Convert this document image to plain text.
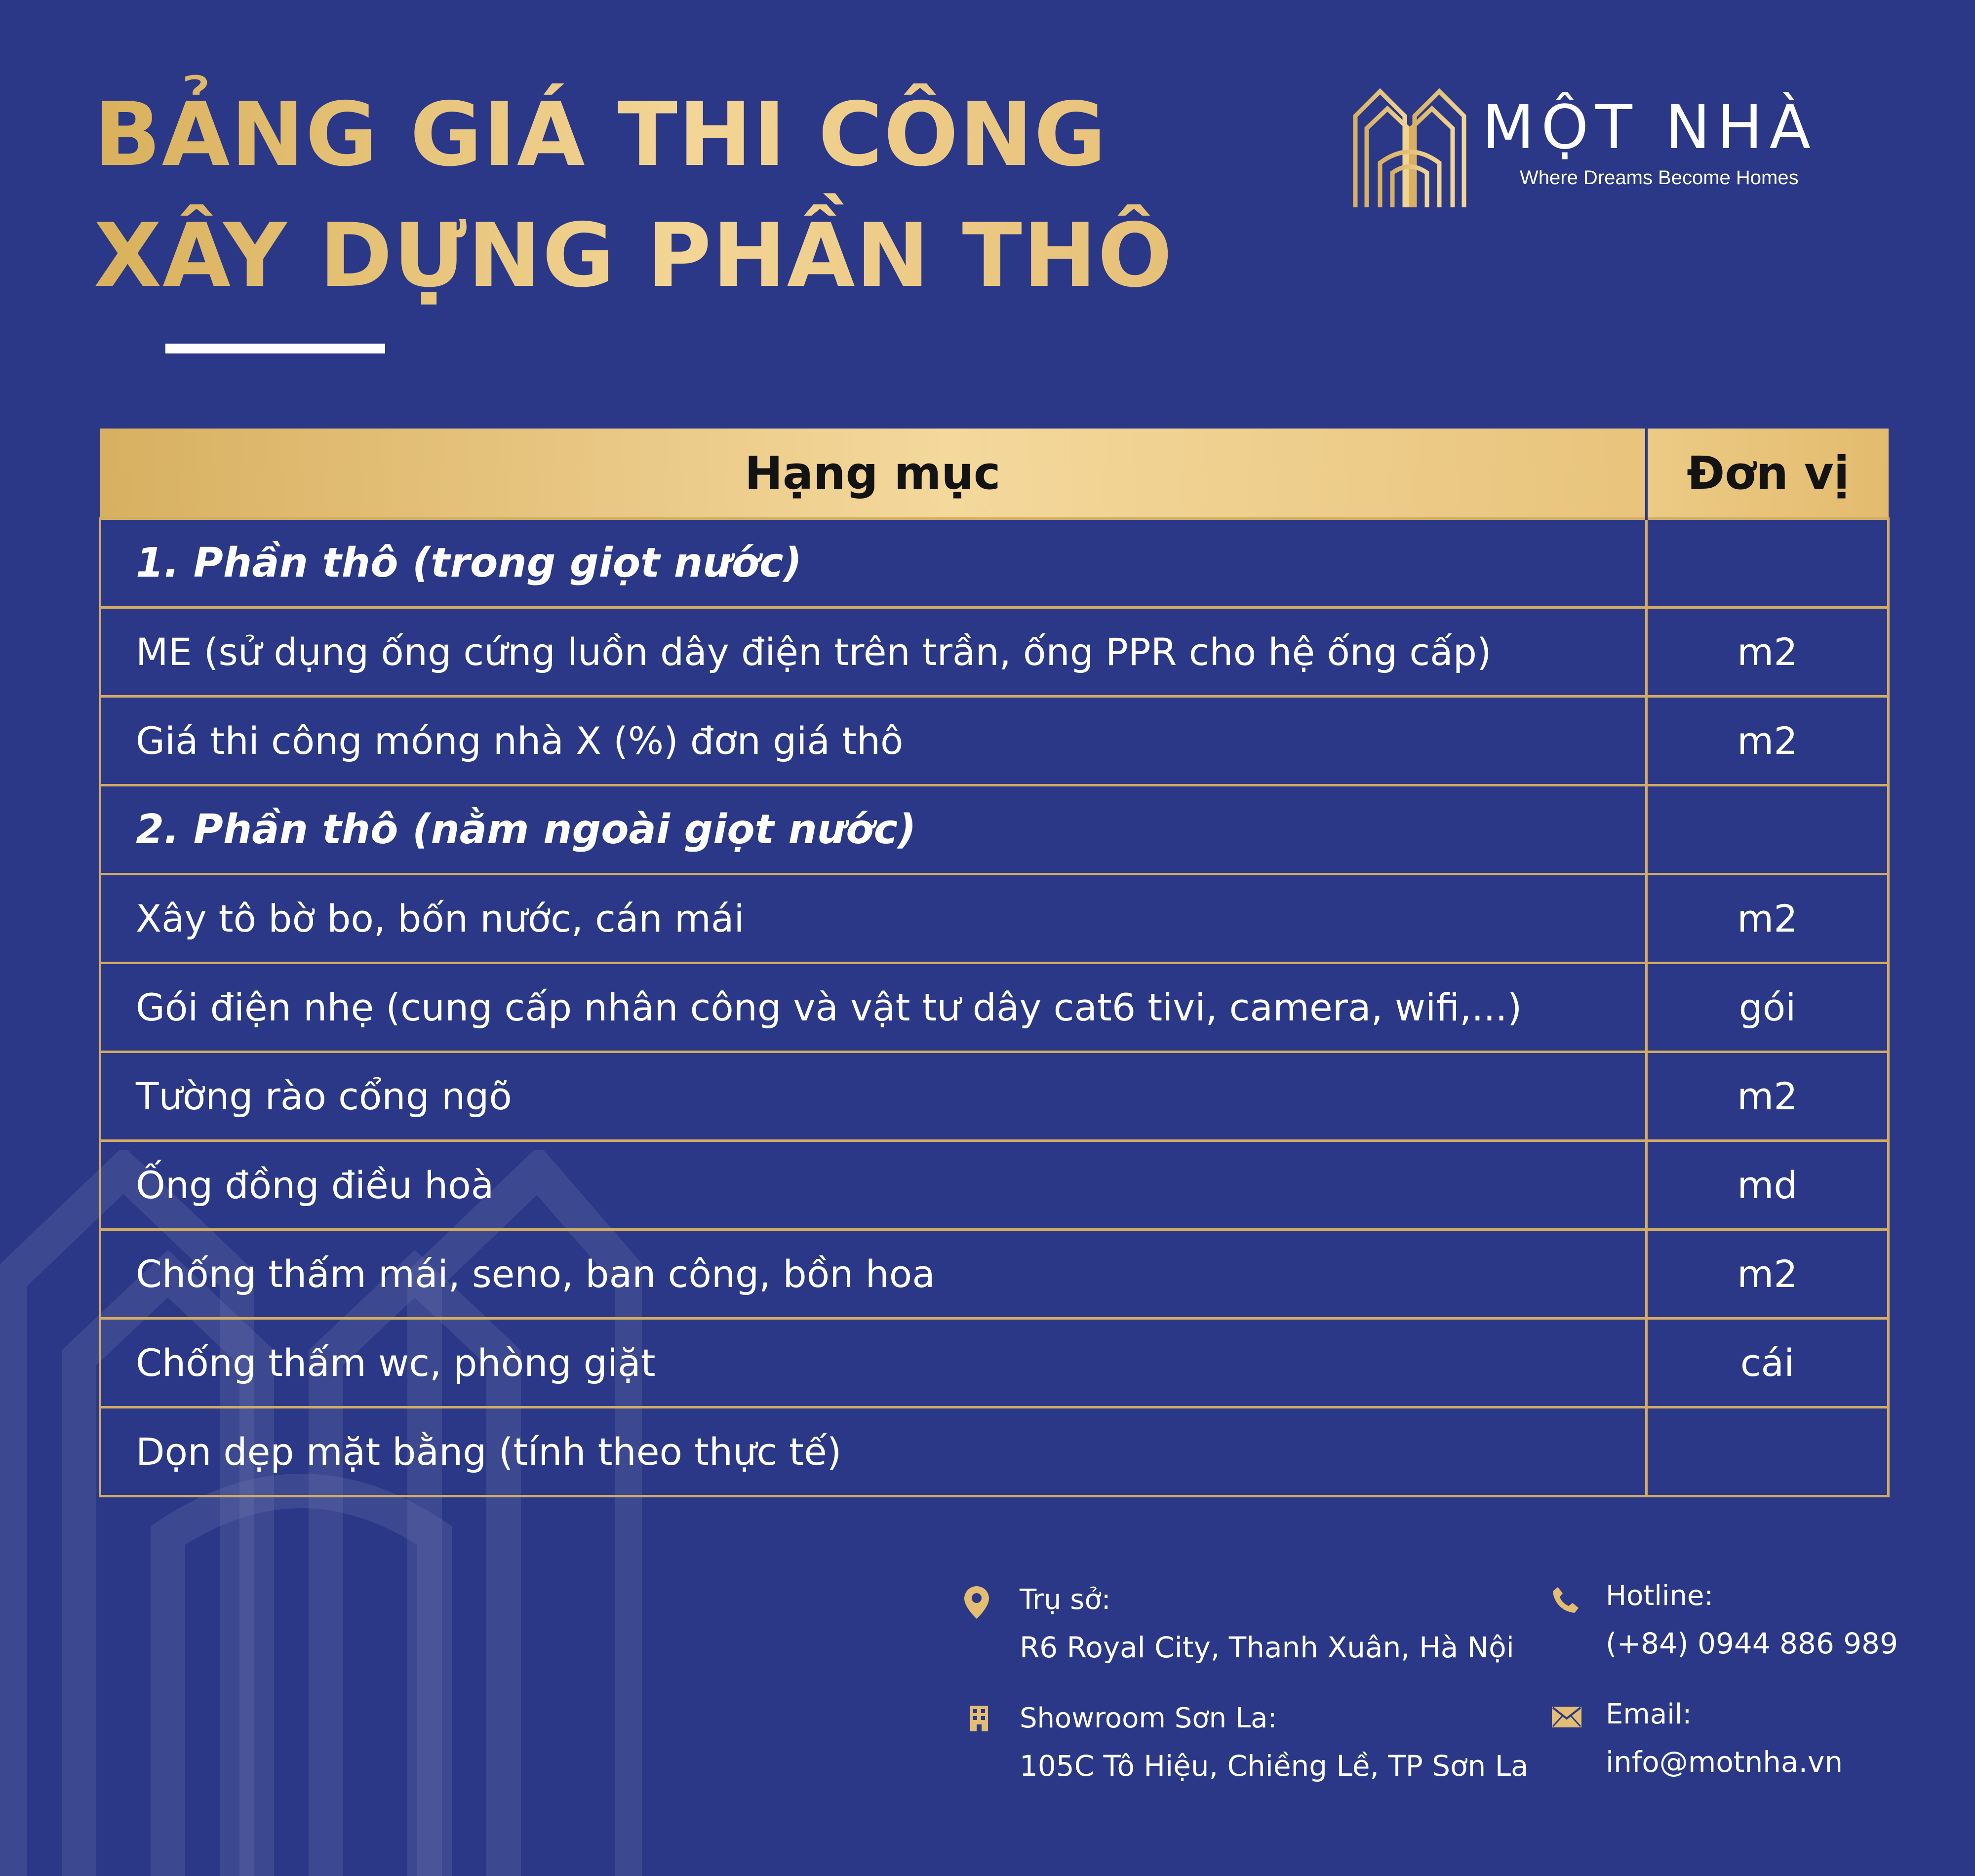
BẢNG GIÁ THI CÔNG
XÂY DỰNG PHẦN THÔ
MỘT NHÀ
Where Dreams Become Homes
Hạng mục	Đơn vị
1. Phần thô (trong giọt nước)	
ME (sử dụng ống cứng luồn dây điện trên trần, ống PPR cho hệ ống cấp)	m2
Giá thi công móng nhà X (%) đơn giá thô	m2
2. Phần thô (nằm ngoài giọt nước)	
Xây tô bờ bo, bốn nước, cán mái	m2
Gói điện nhẹ (cung cấp nhân công và vật tư dây cat6 tivi, camera, wifi,...)	gói
Tường rào cổng ngõ	m2
Ống đồng điều hoà	md
Chống thấm mái, seno, ban công, bồn hoa	m2
Chống thấm wc, phòng giặt	cái
Dọn dẹp mặt bằng (tính theo thực tế)	
Trụ sở:
R6 Royal City, Thanh Xuân, Hà Nội
Showroom Sơn La:
105C Tô Hiệu, Chiềng Lề, TP Sơn La
Hotline:
(+84) 0944 886 989
Email:
info@motnha.vn
